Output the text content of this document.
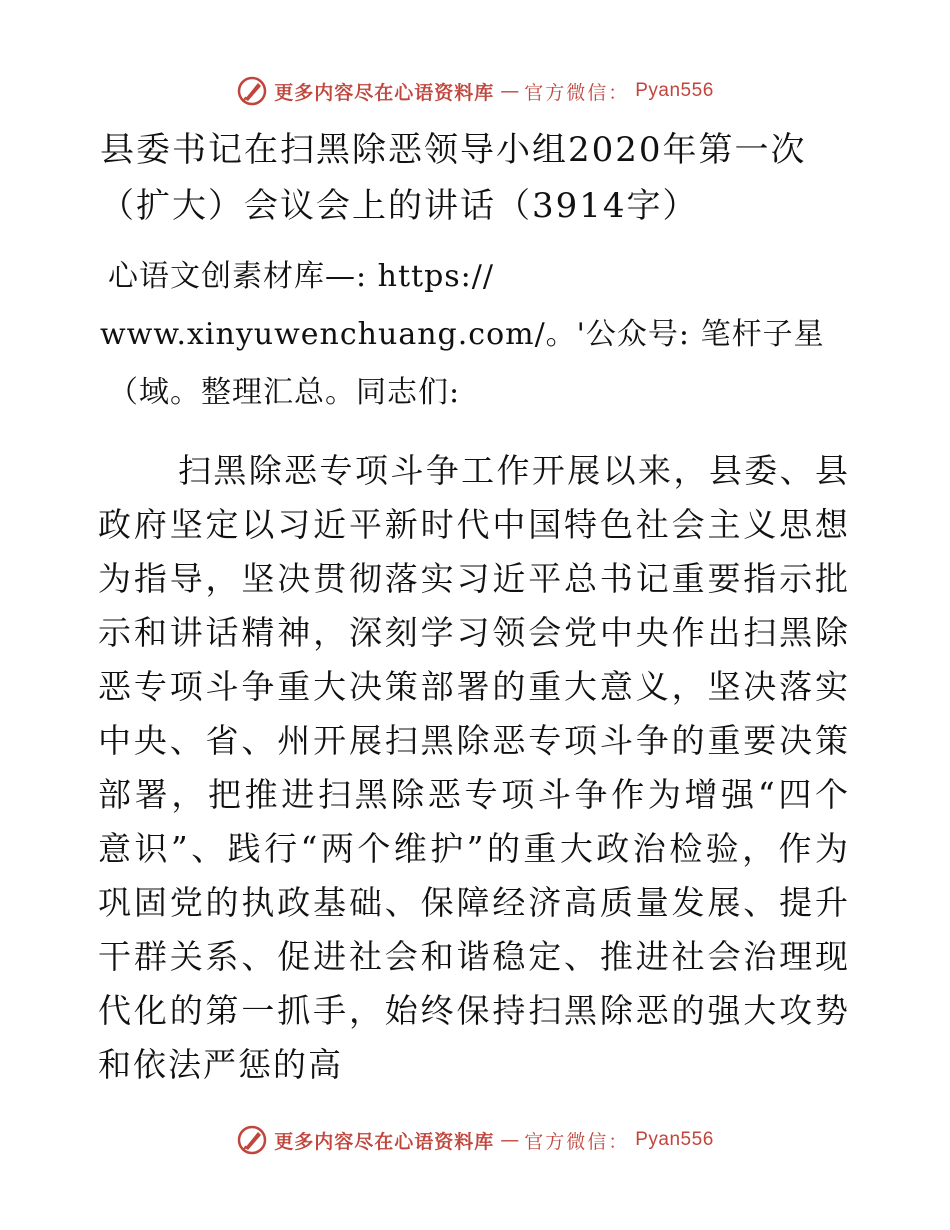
更多内容尽在心语资料库 — 官方微信： Pyan556
县委书记在扫黑除恶领导小组2020年第一次（扩大）会议会上的讲话（3914字）
心语文创素材库—: https://
www.xinyuwenchuang.com/。'公众号: 笔杆子星
（域。整理汇总。同志们:
扫黑除恶专项斗争工作开展以来，县委、县政府坚定以习近平新时代中国特色社会主义思想为指导，坚决贯彻落实习近平总书记重要指示批示和讲话精神，深刻学习领会党中央作出扫黑除恶专项斗争重大决策部署的重大意义，坚决落实中央、省、州开展扫黑除恶专项斗争的重要决策部署，把推进扫黑除恶专项斗争作为增强“四个意识”、践行“两个维护”的重大政治检验，作为巩固党的执政基础、保障经济高质量发展、提升干群关系、促进社会和谐稳定、推进社会治理现代化的第一抓手，始终保持扫黑除恶的强大攻势和依法严惩的高
更多内容尽在心语资料库 — 官方微信： Pyan556
